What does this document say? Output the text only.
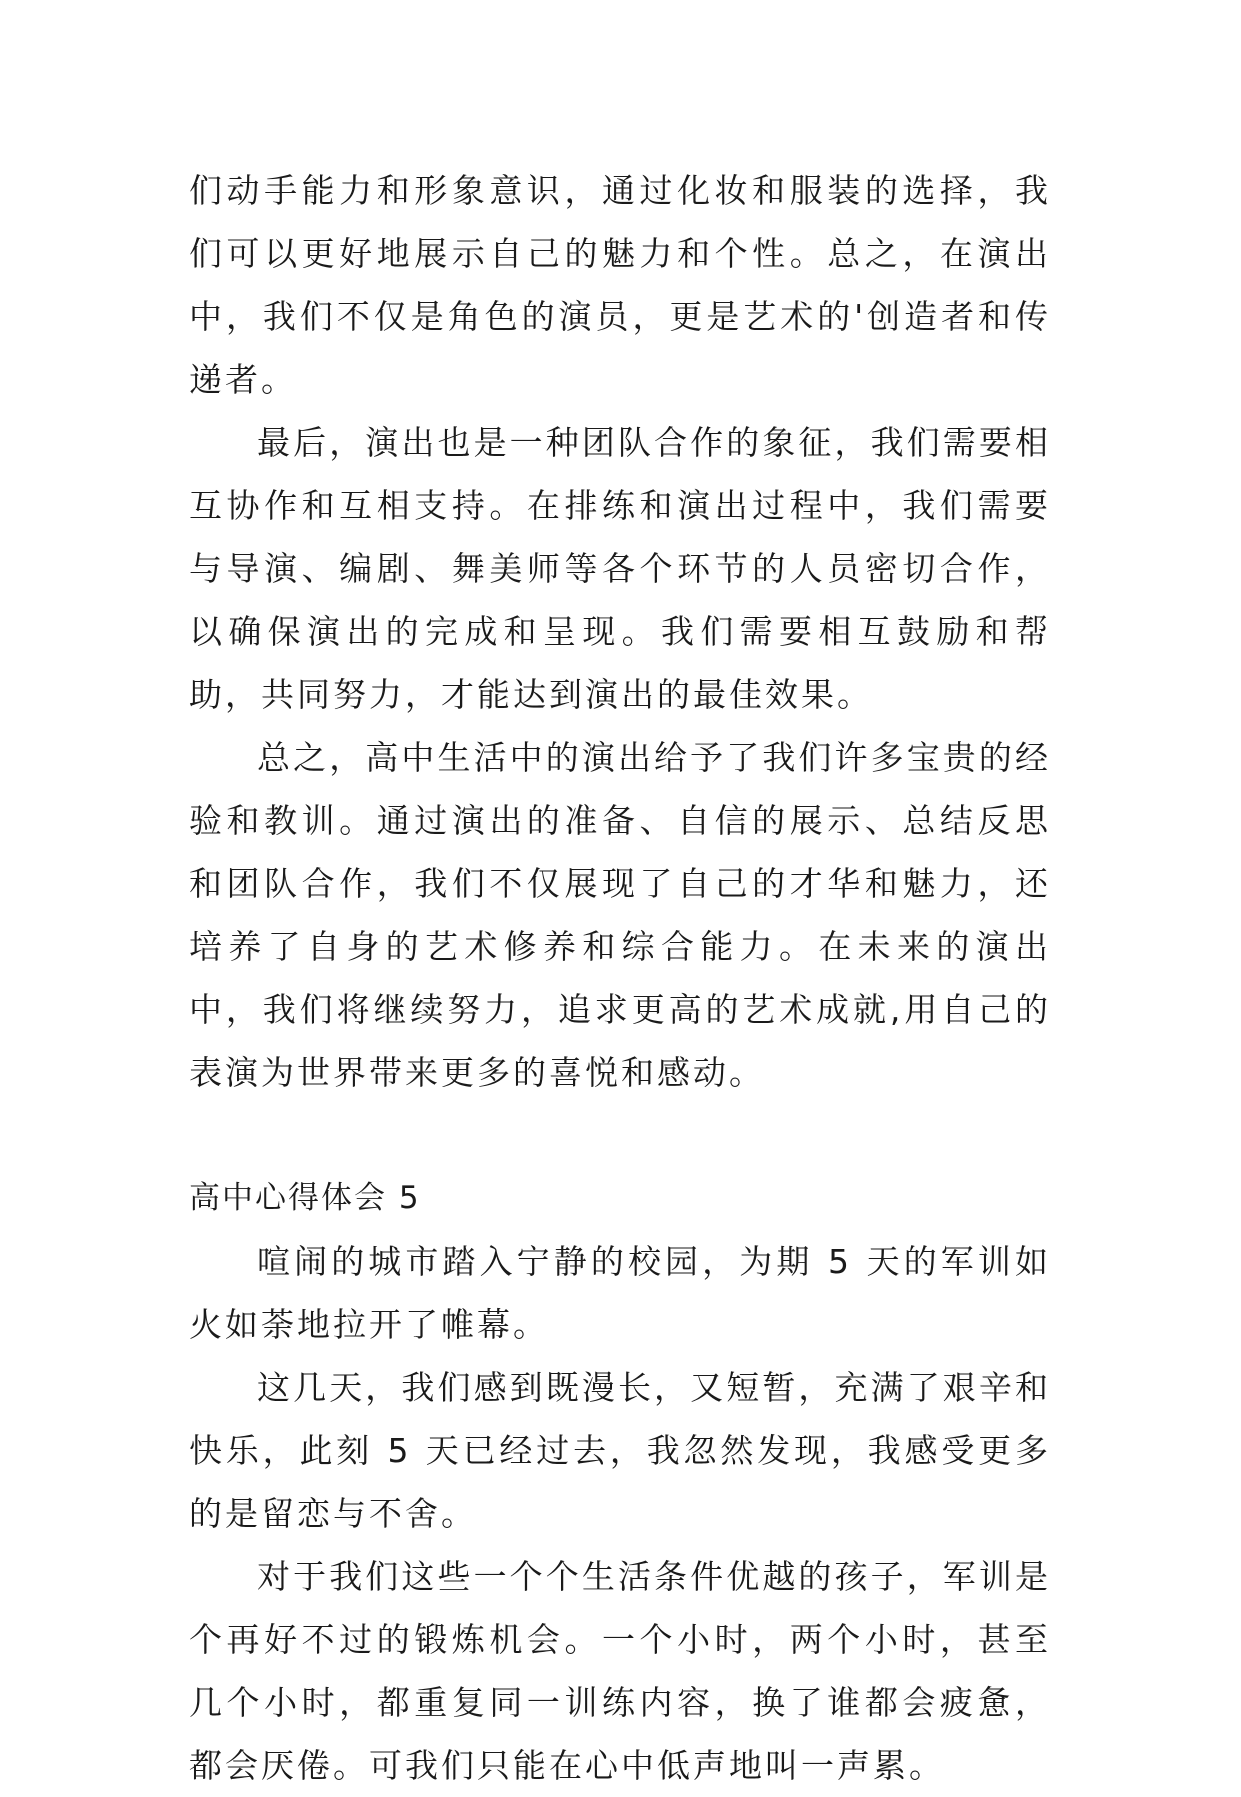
们动手能力和形象意识，通过化妆和服装的选择，我们可以更好地展示自己的魅力和个性。总之，在演出中，我们不仅是角色的演员，更是艺术的'创造者和传递者。

最后，演出也是一种团队合作的象征，我们需要相互协作和互相支持。在排练和演出过程中，我们需要与导演、编剧、舞美师等各个环节的人员密切合作，以确保演出的完成和呈现。我们需要相互鼓励和帮助，共同努力，才能达到演出的最佳效果。

总之，高中生活中的演出给予了我们许多宝贵的经验和教训。通过演出的准备、自信的展示、总结反思和团队合作，我们不仅展现了自己的才华和魅力，还培养了自身的艺术修养和综合能力。在未来的演出中，我们将继续努力，追求更高的艺术成就,用自己的表演为世界带来更多的喜悦和感动。

高中心得体会 5

喧闹的城市踏入宁静的校园，为期 5 天的军训如火如荼地拉开了帷幕。

这几天，我们感到既漫长，又短暂，充满了艰辛和快乐，此刻 5 天已经过去，我忽然发现，我感受更多的是留恋与不舍。

对于我们这些一个个生活条件优越的孩子，军训是个再好不过的锻炼机会。一个小时，两个小时，甚至几个小时，都重复同一训练内容，换了谁都会疲惫，都会厌倦。可我们只能在心中低声地叫一声累。
